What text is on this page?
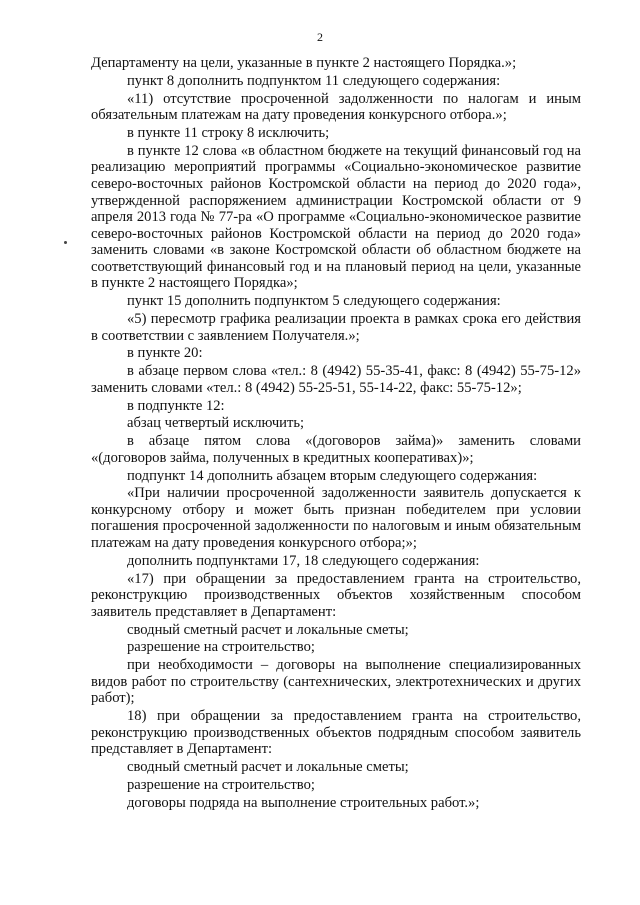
2

Департаменту на цели, указанные в пункте 2 настоящего Порядка.»;

пункт 8 дополнить подпунктом 11 следующего содержания:

«11) отсутствие просроченной задолженности по налогам и иным обязательным платежам на дату проведения конкурсного отбора.»;

в пункте 11 строку 8 исключить;

в пункте 12 слова «в областном бюджете на текущий финансовый год на реализацию мероприятий программы «Социально-экономическое развитие северо-восточных районов Костромской области на период до 2020 года», утвержденной распоряжением администрации Костромской области от 9 апреля 2013 года № 77-ра «О программе «Социально-экономическое развитие северо-восточных районов Костромской области на период до 2020 года» заменить словами «в законе Костромской области об областном бюджете на соответствующий финансовый год и на плановый период на цели, указанные в пункте 2 настоящего Порядка»;

пункт 15 дополнить подпунктом 5 следующего содержания:

«5) пересмотр графика реализации проекта в рамках срока его действия в соответствии с заявлением Получателя.»;

в пункте 20:

в абзаце первом слова «тел.: 8 (4942) 55-35-41, факс: 8 (4942) 55-75-12» заменить словами «тел.: 8 (4942) 55-25-51, 55-14-22, факс: 55-75-12»;

в подпункте 12:

абзац четвертый исключить;

в абзаце пятом слова «(договоров займа)» заменить словами «(договоров займа, полученных в кредитных кооперативах)»;

подпункт 14 дополнить абзацем вторым следующего содержания:

«При наличии просроченной задолженности заявитель допускается к конкурсному отбору и может быть признан победителем при условии погашения просроченной задолженности по налоговым и иным обязательным платежам на дату проведения конкурсного отбора;»;

дополнить подпунктами 17, 18 следующего содержания:

«17) при обращении за предоставлением гранта на строительство, реконструкцию производственных объектов хозяйственным способом заявитель представляет в Департамент:

сводный сметный расчет и локальные сметы;

разрешение на строительство;

при необходимости – договоры на выполнение специализированных видов работ по строительству (сантехнических, электротехнических и других работ);

18) при обращении за предоставлением гранта на строительство, реконструкцию производственных объектов подрядным способом заявитель представляет в Департамент:

сводный сметный расчет и локальные сметы;

разрешение на строительство;

договоры подряда на выполнение строительных работ.»;
